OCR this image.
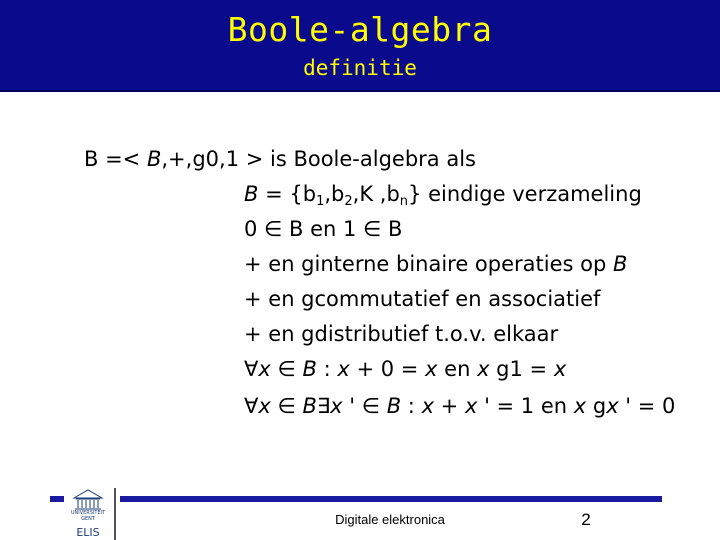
Boole-algebra
definitie
B =< B,+,g0,1 > is Boole-algebra als
$B = \{b_1,b_2,K$ $,b_n$} eindige verzameling
0 ∈ B en 1 ∈ B
+ en ginterne binaire operaties op B
+ en gcommutatief en associatief
+ en gdistributief t.o.v. elkaar
∀x ∈ B : x + 0 = x en x g1 = x
∀x ∈ B∃x ' ∈ B : x + x ' = 1 en x gx ' = 0
UNIVERSITEIT GENT
ELIS
Digitale elektronica	2
